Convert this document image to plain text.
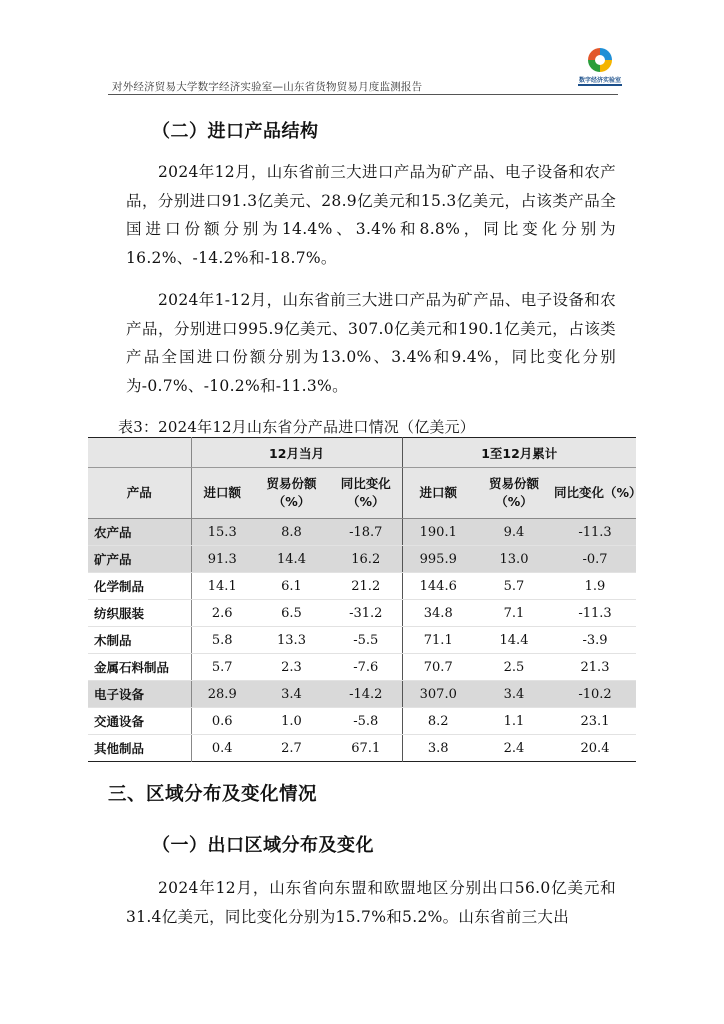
对外经济贸易大学数字经济实验室—山东省货物贸易月度监测报告
数字经济实验室
（二）进口产品结构

2024年12月，山东省前三大进口产品为矿产品、电子设备和农产品，分别进口91.3亿美元、28.9亿美元和15.3亿美元，占该类产品全国进口份额分别为14.4%、3.4%和8.8%，同比变化分别为16.2%、-14.2%和-18.7%。

2024年1-12月，山东省前三大进口产品为矿产品、电子设备和农产品，分别进口995.9亿美元、307.0亿美元和190.1亿美元，占该类产品全国进口份额分别为13.0%、3.4%和9.4%，同比变化分别为-0.7%、-10.2%和-11.3%。

表3：2024年12月山东省分产品进口情况（亿美元）
	12月当月			1至12月累计		
产品	进口额	贸易份额（%）	同比变化（%）	进口额	贸易份额（%）	同比变化（%）
农产品	15.3	8.8	-18.7	190.1	9.4	-11.3
矿产品	91.3	14.4	16.2	995.9	13.0	-0.7
化学制品	14.1	6.1	21.2	144.6	5.7	1.9
纺织服装	2.6	6.5	-31.2	34.8	7.1	-11.3
木制品	5.8	13.3	-5.5	71.1	14.4	-3.9
金属石料制品	5.7	2.3	-7.6	70.7	2.5	21.3
电子设备	28.9	3.4	-14.2	307.0	3.4	-10.2
交通设备	0.6	1.0	-5.8	8.2	1.1	23.1
其他制品	0.4	2.7	67.1	3.8	2.4	20.4
三、区域分布及变化情况
（一）出口区域分布及变化

2024年12月，山东省向东盟和欧盟地区分别出口56.0亿美元和31.4亿美元，同比变化分别为15.7%和5.2%。山东省前三大出
